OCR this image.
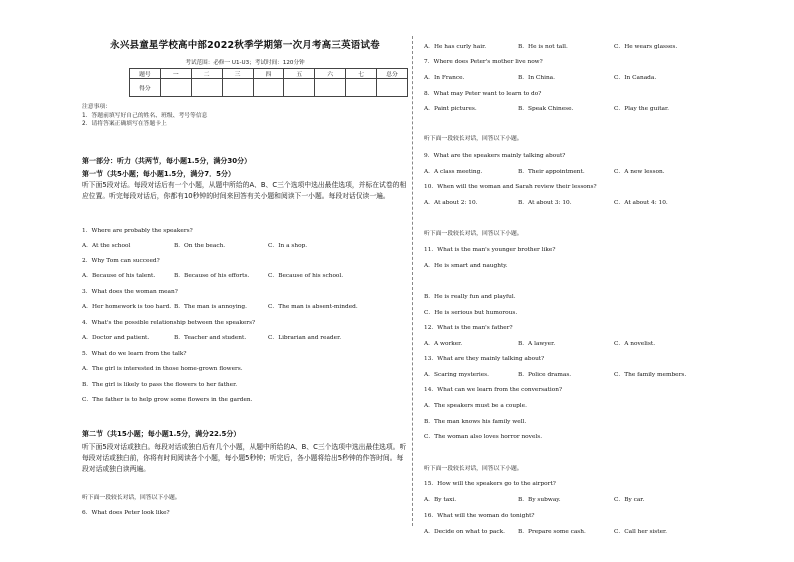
永兴县童星学校高中部2022秋季学期第一次月考高三英语试卷
考试范围：必修一 U1-U3；考试时间：120分钟
题号	一	二	三	四	五	六	七	总分
得分								
注意事项：
1．答题前填写好自己的姓名、班级、考号等信息
2．请将答案正确填写在答题卡上
第一部分：听力（共两节，每小题1.5分，满分30分）
第一节（共5小题；每小题1.5分，满分7．5分）
听下面5段对话。每段对话后有一个小题，从题中所给的A、B、C三个选项中选出最佳选项，并标在试卷的相应位置。听完每段对话后，你都有10秒钟的时间来回答有关小题和阅读下一小题。每段对话仅读一遍。
1．Where are probably the speakers?
A．At the school	B．On the beach.	C．In a shop.
2．Why Tom can succeed?
A．Because of his talent.	B．Because of his efforts.	C．Because of his school.
3．What does the woman mean?
A．Her homework is too hard. B．The man is annoying.	C．The man is absent-minded.
4．What's the possible relationship between the speakers?
A．Doctor and patient.	B．Teacher and student.	C．Librarian and reader.
5．What do we learn from the talk?
A．The girl is interested in those home-grown flowers.
B．The girl is likely to pass the flowers to her father.
C．The father is to help grow some flowers in the garden.
6．What does Peter look like?
第二节（共15小题；每小题1.5分，满分22.5分）
听下面5段对话或独白。每段对话或独白后有几个小题，从题中所给的A、B、C三个选项中选出最佳选项。听每段对话或独白前，你将有时间阅读各个小题，每小题5秒钟；听完后，各小题将给出5秒钟的作答时间。每段对话或独白读两遍。
听下面一段较长对话，回答以下小题。
A．He has curly hair.	B．He is not tall.	C．He wears glasses.
7．Where does Peter's mother live now?
A．In France.	B．In China.	C．In Canada.
8．What may Peter want to learn to do?
A．Paint pictures.	B．Speak Chinese.	C．Play the guitar.
听下面一段较长对话，回答以下小题。
9．What are the speakers mainly talking about?
A．A class meeting.	B．Their appointment.	C．A new lesson.
10．When will the woman and Sarah review their lessons?
A．At about 2: 10.	B．At about 3: 10.	C．At about 4: 10.
听下面一段较长对话，回答以下小题。
11．What is the man's younger brother like?
A．He is smart and naughty.
B．He is really fun and playful.
C．He is serious but humorous.
12．What is the man's father?
A．A worker.	B．A lawyer.	C．A novelist.
13．What are they mainly talking about?
A．Scaring mysteries.	B．Police dramas.	C．The family members.
14．What can we learn from the conversation?
A．The speakers must be a couple.
B．The man knows his family well.
C．The woman also loves horror novels.
听下面一段较长对话，回答以下小题。
15．How will the speakers go to the airport?
A．By taxi.	B．By subway.	C．By car.
16．What will the woman do tonight?
A．Decide on what to pack. B．Prepare some cash.	C．Call her sister.
